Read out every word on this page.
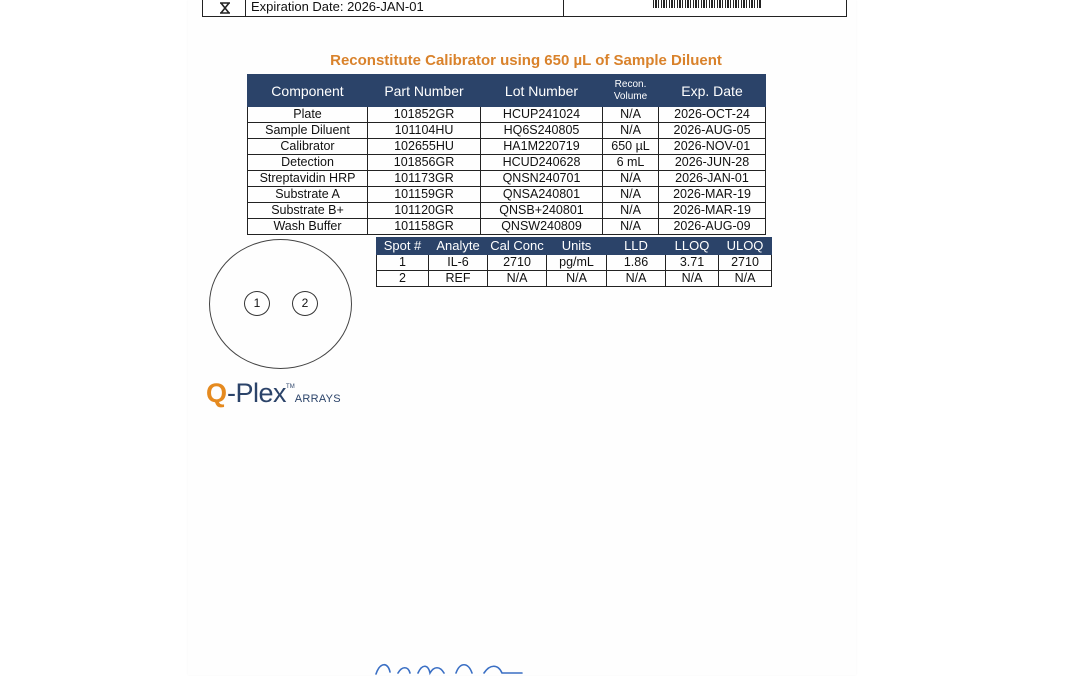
Expiration Date: 2026-JAN-01
Reconstitute Calibrator using 650 µL of Sample Diluent
Component	Part Number	Lot Number	Recon. Volume	Exp. Date
Plate	101852GR	HCUP241024	N/A	2026-OCT-24
Sample Diluent	101104HU	HQ6S240805	N/A	2026-AUG-05
Calibrator	102655HU	HA1M220719	650 µL	2026-NOV-01
Detection	101856GR	HCUD240628	6 mL	2026-JUN-28
Streptavidin HRP	101173GR	QNSN240701	N/A	2026-JAN-01
Substrate A	101159GR	QNSA240801	N/A	2026-MAR-19
Substrate B+	101120GR	QNSB+240801	N/A	2026-MAR-19
Wash Buffer	101158GR	QNSW240809	N/A	2026-AUG-09
Spot #	Analyte	Cal Conc	Units	LLD	LLOQ	ULOQ
1	IL-6	2710	pg/mL	1.86	3.71	2710
2	REF	N/A	N/A	N/A	N/A	N/A
1	2
Q-Plex™ARRAYS
